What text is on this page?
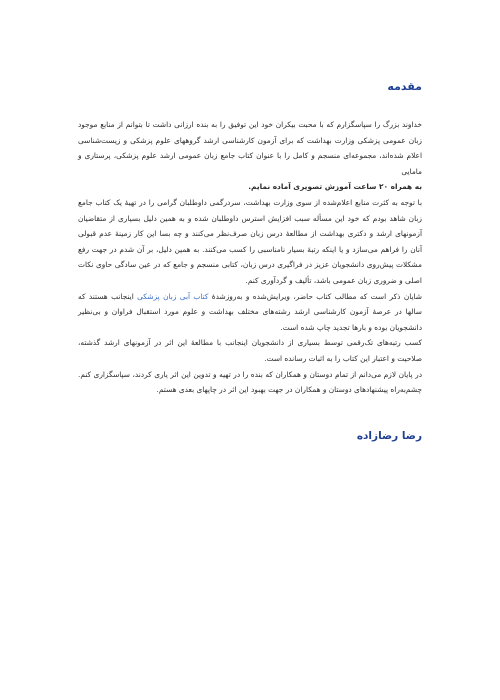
مقدمه

خداوند بزرگ را سپاسگزارم که با محبت بیکران خود این توفیق را به بنده ارزانی داشت تا بتوانم از منابع موجود زبان عمومی پزشکی وزارت بهداشت که برای آزمون کارشناسی ارشد گروههای علوم پزشکی و زیست‌شناسی اعلام شده‌اند، مجموعه‌ای منسجم و کامل را با عنوان کتاب جامع زبان عمومی ارشد علوم پزشکی، پرستاری و مامایی

به همراه ۲۰ ساعت آموزش تصویری آماده نمایم.

با توجه به کثرت منابع اعلام‌شده از سوی وزارت بهداشت، سردرگمی داوطلبان گرامی را در تهیهٔ یک کتاب جامع زبان شاهد بودم که خود این مسأله سبب افزایش استرس داوطلبان شده و به همین دلیل بسیاری از متقاضیان آزمونهای ارشد و دکتری بهداشت از مطالعهٔ درس زبان صرف‌نظر می‌کنند و چه بسا این کار زمینهٔ عدم قبولی آنان را فراهم می‌سازد و یا اینکه رتبهٔ بسیار نامناسبی را کسب می‌کنند. به همین دلیل، بر آن شدم در جهت رفع مشکلات پیش‌روی دانشجویان عزیز در فراگیری درس زبان، کتابی منسجم و جامع که در عین سادگی حاوی نکات اصلی و ضروری زبان عمومی باشد، تألیف و گردآوری کنم.

شایان ذکر است که مطالب کتاب حاضر، ویرایش‌شده و به‌روزشدهٔ کتاب آبی زبان پزشکی اینجانب هستند که سالها در عرصهٔ آزمون کارشناسی ارشد رشته‌های مختلف بهداشت و علوم مورد استقبال فراوان و بی‌نظیر دانشجویان بوده و بارها تجدید چاپ شده است.

کسب رتبه‌های تک‌رقمی توسط بسیاری از دانشجویان اینجانب با مطالعهٔ این اثر در آزمونهای ارشد گذشته، صلاحیت و اعتبار این کتاب را به اثبات رسانده است.

در پایان لازم می‌دانم از تمام دوستان و همکاران که بنده را در تهیه و تدوین این اثر یاری کردند، سپاسگزاری کنم. چشم‌به‌راه پیشنهادهای دوستان و همکاران در جهت بهبود این اثر در چاپهای بعدی هستم.

رضا رضازاده
